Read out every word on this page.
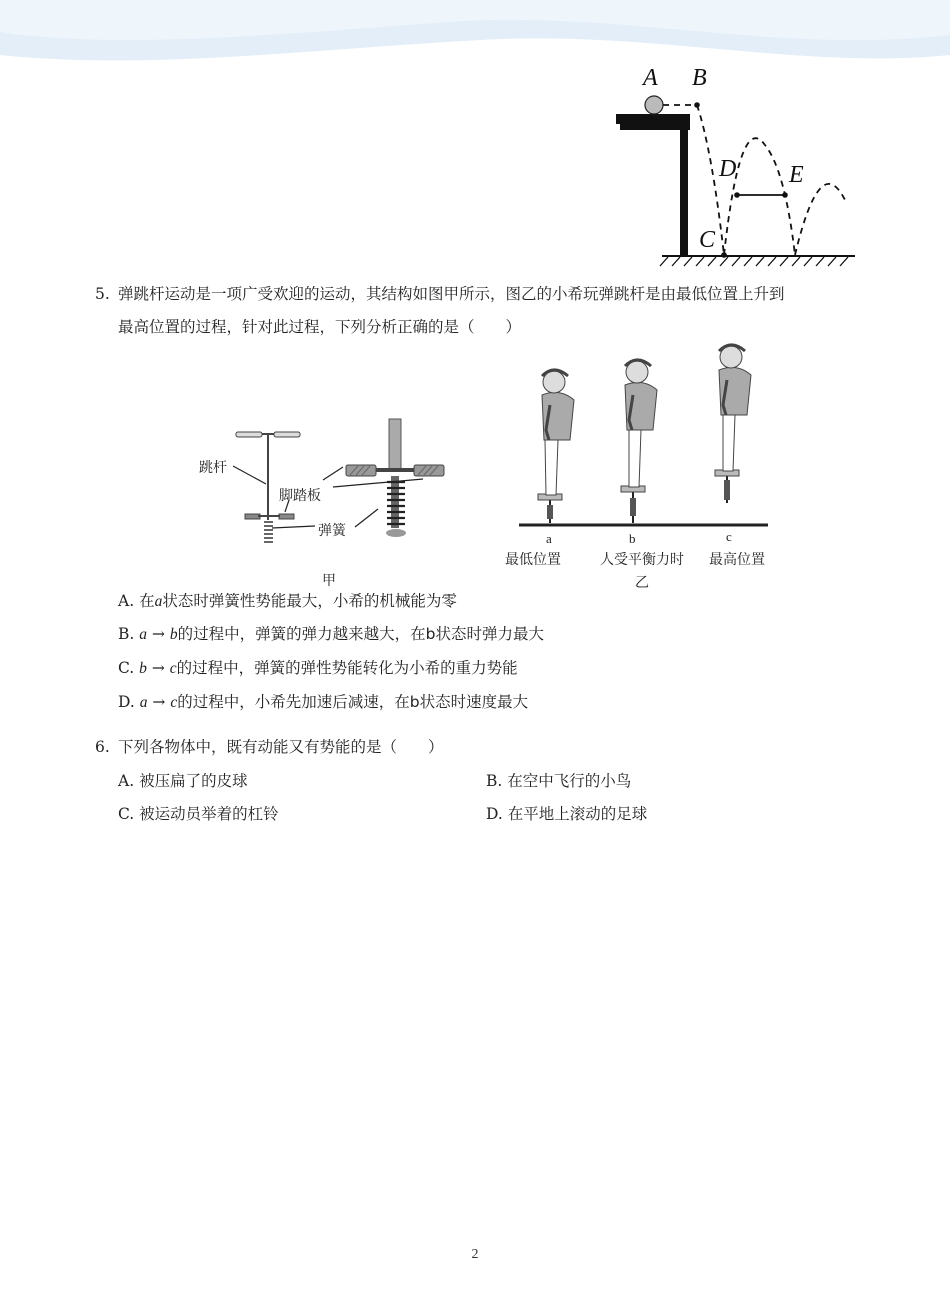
A B
D E
C
5. 弹跳杆运动是一项广受欢迎的运动，其结构如图甲所示，图乙的小希玩弹跳杆是由最低位置上升到
最高位置的过程，针对此过程，下列分析正确的是（　　）
跳杆
脚踏板
弹簧
甲
a	b	c
最低位置	人受平衡力时 最高位置
乙
A. 在a状态时弹簧性势能最大，小希的机械能为零
B. a → b的过程中，弹簧的弹力越来越大，在b状态时弹力最大
C. b → c的过程中，弹簧的弹性势能转化为小希的重力势能
D. a → c的过程中，小希先加速后减速，在b状态时速度最大
6. 下列各物体中，既有动能又有势能的是（　　）
A. 被压扁了的皮球	B. 在空中飞行的小鸟
C. 被运动员举着的杠铃	D. 在平地上滚动的足球
2
